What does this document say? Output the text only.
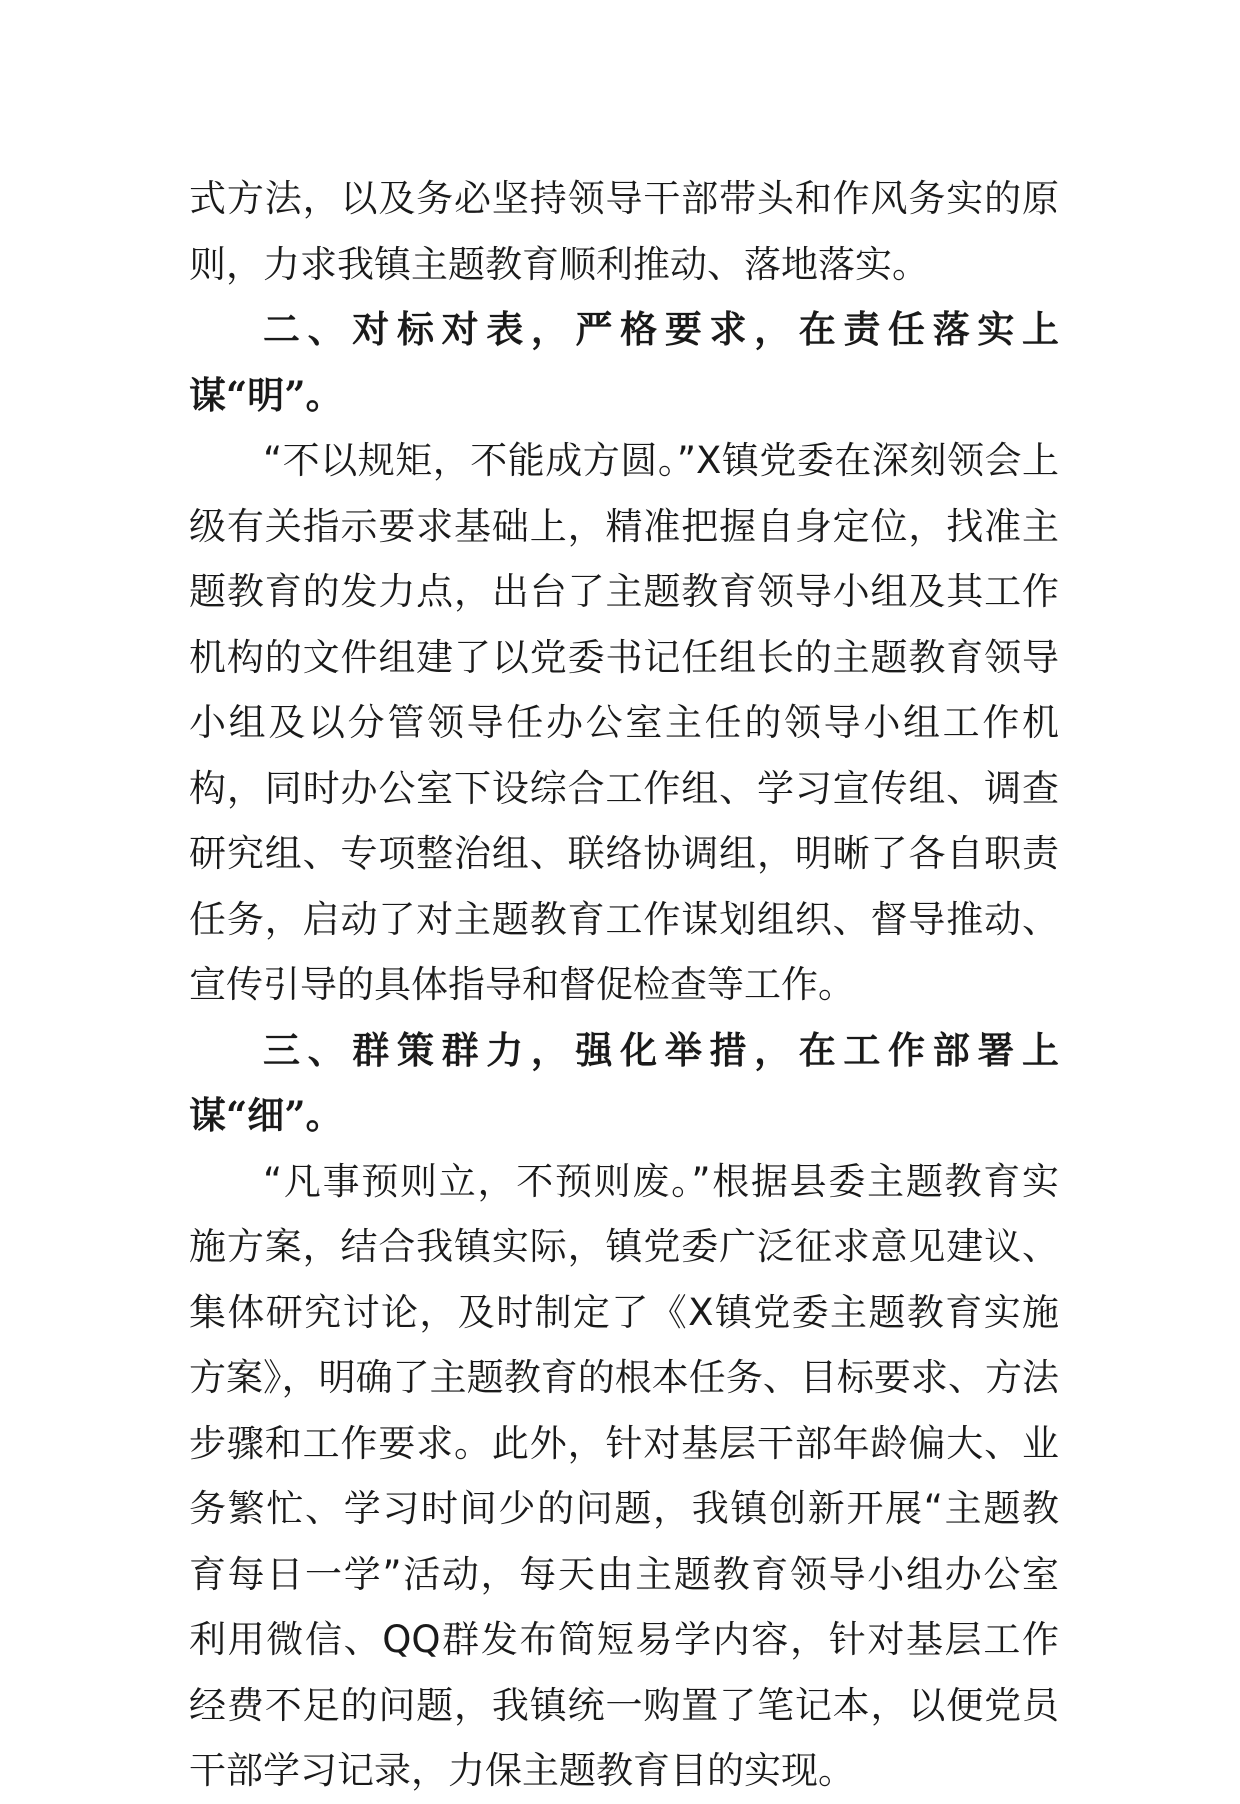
式方法，以及务必坚持领导干部带头和作风务实的原则，力求我镇主题教育顺利推动、落地落实。

二、对标对表，严格要求，在责任落实上谋“明”。

“不以规矩，不能成方圆。”X镇党委在深刻领会上级有关指示要求基础上，精准把握自身定位，找准主题教育的发力点，出台了主题教育领导小组及其工作机构的文件组建了以党委书记任组长的主题教育领导小组及以分管领导任办公室主任的领导小组工作机构，同时办公室下设综合工作组、学习宣传组、调查研究组、专项整治组、联络协调组，明晰了各自职责任务，启动了对主题教育工作谋划组织、督导推动、宣传引导的具体指导和督促检查等工作。

三、群策群力，强化举措，在工作部署上谋“细”。

“凡事预则立，不预则废。”根据县委主题教育实施方案，结合我镇实际，镇党委广泛征求意见建议、集体研究讨论，及时制定了《X镇党委主题教育实施方案》，明确了主题教育的根本任务、目标要求、方法步骤和工作要求。此外，针对基层干部年龄偏大、业务繁忙、学习时间少的问题，我镇创新开展“主题教育每日一学”活动，每天由主题教育领导小组办公室利用微信、QQ群发布简短易学内容，针对基层工作经费不足的问题，我镇统一购置了笔记本，以便党员干部学习记录，力保主题教育目的实现。
